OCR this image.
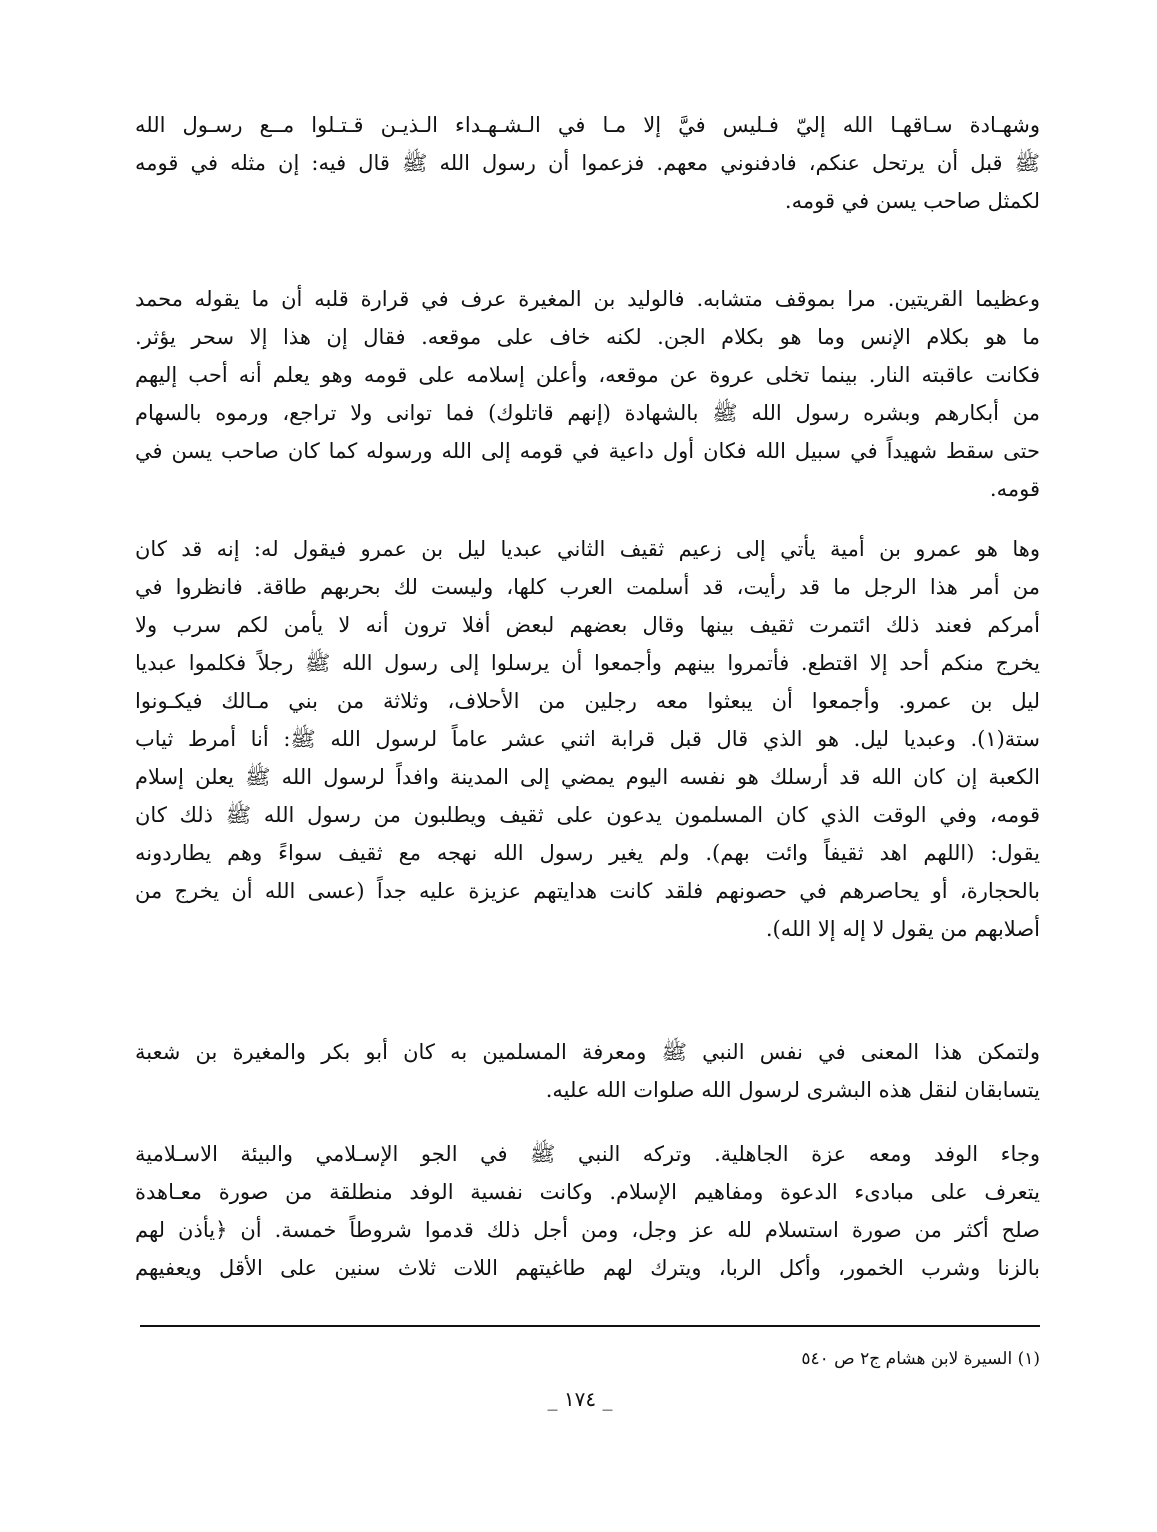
وشهـادة سـاقهـا الله إليّ فـليس فيَّ إلا مـا في الـشـهـداء الـذيـن قـتـلوا مــع رسـول الله
ﷺ قبل أن يرتحل عنكم، فادفنوني معهم. فزعموا أن رسول الله ﷺ قال فيه: إن مثله في قومه
لكمثل صاحب يسن في قومه.
وعظيما القريتين. مرا بموقف متشابه. فالوليد بن المغيرة عرف في قرارة قلبه أن ما يقوله محمد
ما هو بكلام الإنس وما هو بكلام الجن. لكنه خاف على موقعه. فقال إن هذا إلا سحر يؤثر.
فكانت عاقبته النار. بينما تخلى عروة عن موقعه، وأعلن إسلامه على قومه وهو يعلم أنه أحب إليهم
من أبكارهم وبشره رسول الله ﷺ بالشهادة (إنهم قاتلوك) فما توانى ولا تراجع، ورموه بالسهام
حتى سقط شهيداً في سبيل الله فكان أول داعية في قومه إلى الله ورسوله كما كان صاحب يسن في
قومه.
وها هو عمرو بن أمية يأتي إلى زعيم ثقيف الثاني عبديا ليل بن عمرو فيقول له: إنه قد كان
من أمر هذا الرجل ما قد رأيت، قد أسلمت العرب كلها، وليست لك بحربهم طاقة. فانظروا في
أمركم فعند ذلك ائتمرت ثقيف بينها وقال بعضهم لبعض أفلا ترون أنه لا يأمن لكم سرب ولا
يخرج منكم أحد إلا اقتطع. فأتمروا بينهم وأجمعوا أن يرسلوا إلى رسول الله ﷺ رجلاً فكلموا عبديا
ليل بن عمرو. وأجمعوا أن يبعثوا معه رجلين من الأحلاف، وثلاثة من بني مـالك فيكـونوا
ستة(١). وعبديا ليل. هو الذي قال قبل قرابة اثني عشر عاماً لرسول الله ﷺ: أنا أمرط ثياب
الكعبة إن كان الله قد أرسلك هو نفسه اليوم يمضي إلى المدينة وافداً لرسول الله ﷺ يعلن إسلام
قومه، وفي الوقت الذي كان المسلمون يدعون على ثقيف ويطلبون من رسول الله ﷺ ذلك كان
يقول: (اللهم اهد ثقيفاً وائت بهم). ولم يغير رسول الله نهجه مع ثقيف سواءً وهم يطاردونه
بالحجارة، أو يحاصرهم في حصونهم فلقد كانت هدايتهم عزيزة عليه جداً (عسى الله أن يخرج من
أصلابهم من يقول لا إله إلا الله).
ولتمكن هذا المعنى في نفس النبي ﷺ ومعرفة المسلمين به كان أبو بكر والمغيرة بن شعبة
يتسابقان لنقل هذه البشرى لرسول الله صلوات الله عليه.
وجاء الوفد ومعه عزة الجاهلية. وتركه النبي ﷺ في الجو الإسـلامي والبيئة الاسـلامية
يتعرف على مبادىء الدعوة ومفاهيم الإسلام. وكانت نفسية الوفد منطلقة من صورة معـاهدة
صلح أكثر من صورة استسلام لله عز وجل، ومن أجل ذلك قدموا شروطاً خمسة. أن ﴿يأذن لهم
بالزنا وشرب الخمور، وأكل الربا، ويترك لهم طاغيتهم اللات ثلاث سنين على الأقل ويعفيهم
(١) السيرة لابن هشام ج٢ ص ٥٤٠
_ ١٧٤ _
